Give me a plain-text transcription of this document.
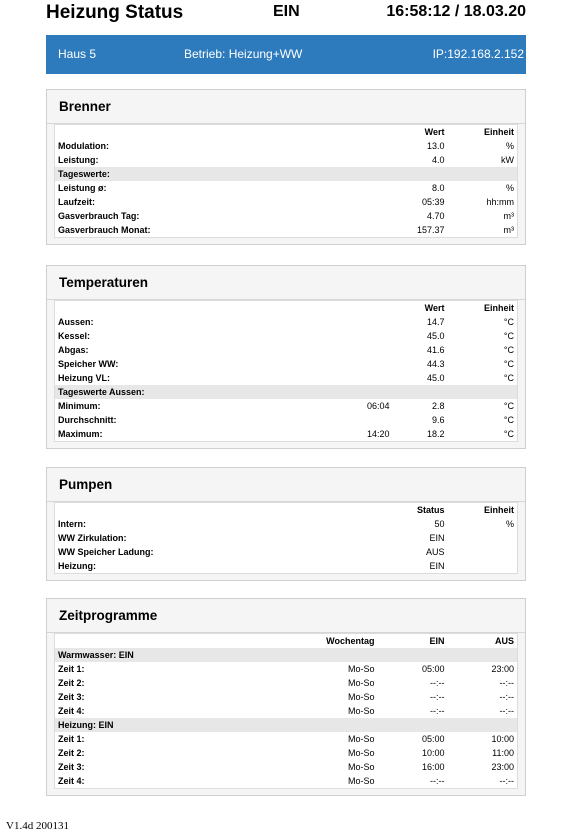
Heizung Status	EIN	16:58:12 / 18.03.20
Haus 5	Betrieb: Heizung+WW	IP:192.168.2.152
Brenner
	Wert	Einheit
Modulation:	13.0	%
Leistung:	4.0	kW
Tageswerte:		
Leistung ø:	8.0	%
Laufzeit:	05:39	hh:mm
Gasverbrauch Tag:	4.70	m³
Gasverbrauch Monat:	157.37	m³
Temperaturen
		Wert	Einheit
Aussen:		14.7	°C
Kessel:		45.0	°C
Abgas:		41.6	°C
Speicher WW:		44.3	°C
Heizung VL:		45.0	°C
Tageswerte Aussen:			
Minimum:	06:04	2.8	°C
Durchschnitt:		9.6	°C
Maximum:	14:20	18.2	°C
Pumpen
	Status	Einheit
Intern:	50	%
WW Zirkulation:	EIN	
WW Speicher Ladung:	AUS	
Heizung:	EIN	
Zeitprogramme
	Wochentag	EIN	AUS
Warmwasser: EIN			
Zeit 1:	Mo-So	05:00	23:00
Zeit 2:	Mo-So	--:--	--:--
Zeit 3:	Mo-So	--:--	--:--
Zeit 4:	Mo-So	--:--	--:--
Heizung: EIN			
Zeit 1:	Mo-So	05:00	10:00
Zeit 2:	Mo-So	10:00	11:00
Zeit 3:	Mo-So	16:00	23:00
Zeit 4:	Mo-So	--:--	--:--
V1.4d 200131
